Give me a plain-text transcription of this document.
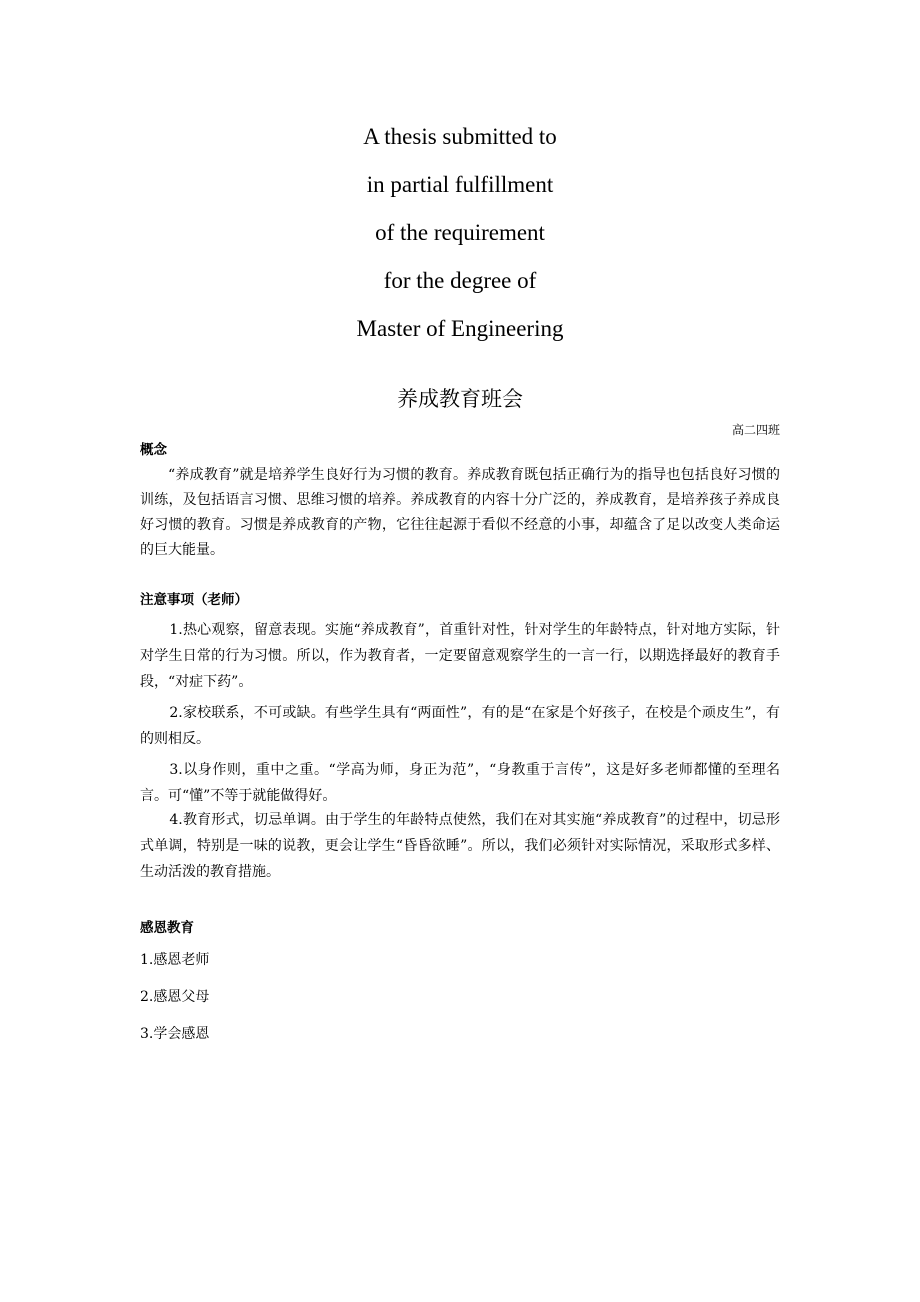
A thesis submitted to
in partial fulfillment
of the requirement
for the degree of
Master of Engineering
养成教育班会
高二四班
概念

“养成教育”就是培养学生良好行为习惯的教育。养成教育既包括正确行为的指导也包括良好习惯的训练，及包括语言习惯、思维习惯的培养。养成教育的内容十分广泛的，养成教育，是培养孩子养成良好习惯的教育。习惯是养成教育的产物，它往往起源于看似不经意的小事，却蕴含了足以改变人类命运的巨大能量。

注意事项（老师）

1.热心观察，留意表现。实施“养成教育”，首重针对性，针对学生的年龄特点，针对地方实际，针对学生日常的行为习惯。所以，作为教育者，一定要留意观察学生的一言一行，以期选择最好的教育手段，“对症下药”。

2.家校联系，不可或缺。有些学生具有“两面性”，有的是“在家是个好孩子，在校是个顽皮生”，有的则相反。

3.以身作则，重中之重。“学高为师，身正为范”，“身教重于言传”，这是好多老师都懂的至理名言。可“懂”不等于就能做得好。

4.教育形式，切忌单调。由于学生的年龄特点使然，我们在对其实施“养成教育”的过程中，切忌形式单调，特别是一味的说教，更会让学生“昏昏欲睡”。所以，我们必须针对实际情况，采取形式多样、生动活泼的教育措施。

感恩教育
1.感恩老师
2.感恩父母
3.学会感恩
